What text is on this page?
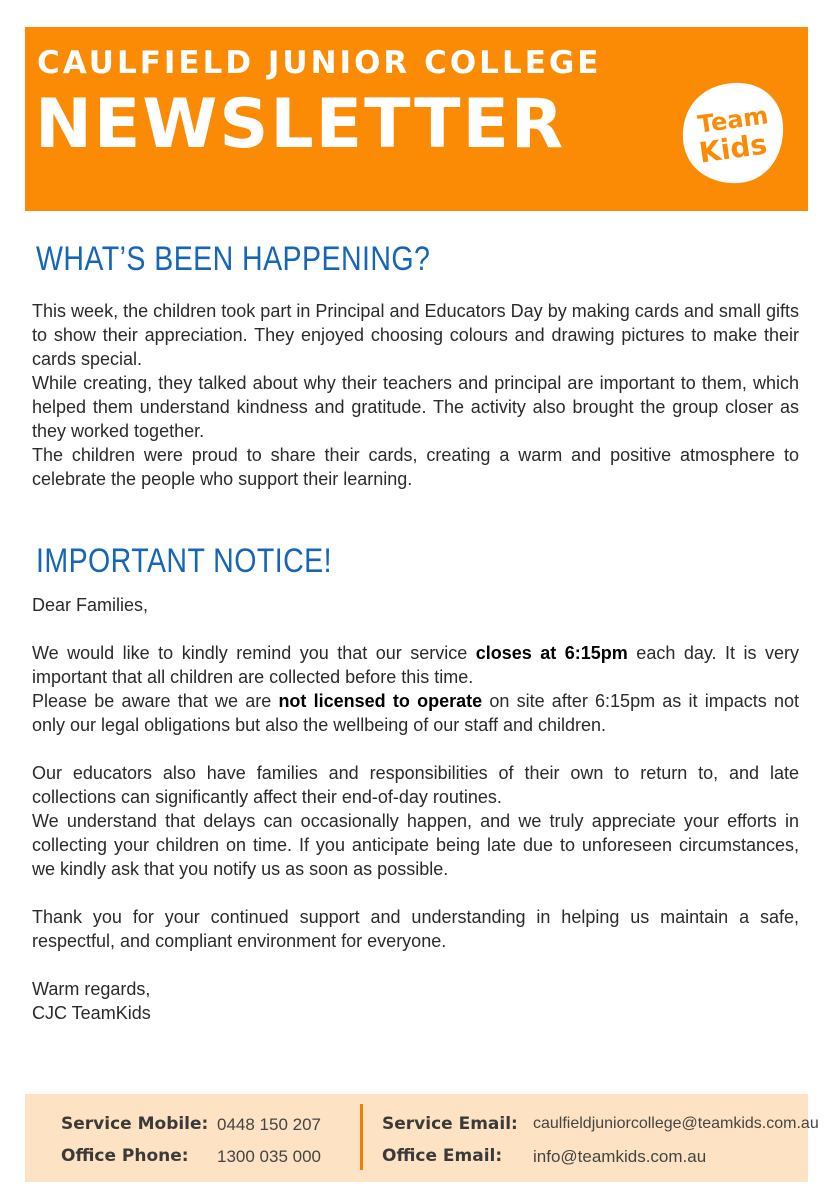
CAULFIELD JUNIOR COLLEGE
NEWSLETTER	Team
Kids
WHAT’S BEEN HAPPENING?

This week, the children took part in Principal and Educators Day by making cards and small gifts to show their appreciation. They enjoyed choosing colours and drawing pictures to make their cards special.

While creating, they talked about why their teachers and principal are important to them, which helped them understand kindness and gratitude. The activity also brought the group closer as they worked together.

The children were proud to share their cards, creating a warm and positive atmosphere to celebrate the people who support their learning.

IMPORTANT NOTICE!

Dear Families,

We would like to kindly remind you that our service closes at 6:15pm each day. It is very important that all children are collected before this time.

Please be aware that we are not licensed to operate on site after 6:15pm as it impacts not only our legal obligations but also the wellbeing of our staff and children.

Our educators also have families and responsibilities of their own to return to, and late collections can significantly affect their end-of-day routines.

We understand that delays can occasionally happen, and we truly appreciate your efforts in collecting your children on time. If you anticipate being late due to unforeseen circumstances, we kindly ask that you notify us as soon as possible.

Thank you for your continued support and understanding in helping us maintain a safe, respectful, and compliant environment for everyone.

Warm regards,

CJC TeamKids

Service Mobile: 0448 150 207
Office Phone: 1300 035 000
Service Email: caulfieldjuniorcollege@teamkids.com.au
Office Email: info@teamkids.com.au
